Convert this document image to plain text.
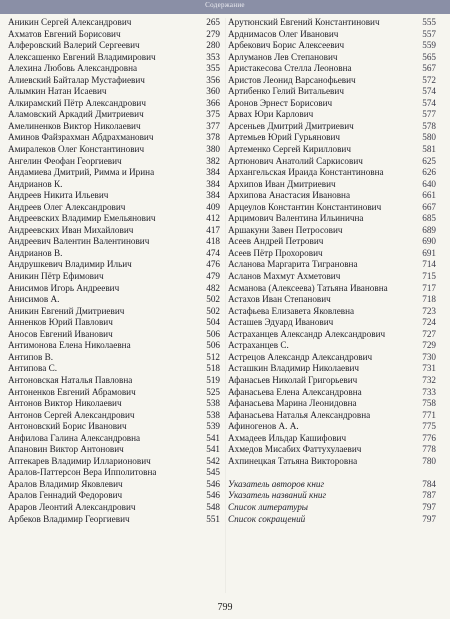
Содержание
Аникин Сергей Александрович	265
Ахматов Евгений Борисович	279
Алферовский Валерий Сергеевич	280
Алексашенко Евгений Владимирович	353
Алехина Любовь Александровна	355
Алиевский Байталар Мустафиевич	356
Алымкин Натан Исаевич	360
Алкирамский Пётр Александрович	366
Аламовский Аркадий Дмитриевич	375
Амелиненков Виктор Николаевич	377
Аминов Файзрахман Абдрахманович	378
Амиралеков Олег Константинович	380
Ангелин Феофан Георгиевич	382
Андамиева Дмитрий, Римма и Ирина	384
Андрианов К.	384
Андреев Никита Ильевич	384
Андреев Олег Александрович	409
Андреевских Владимир Емельянович	412
Андреевских Иван Михайлович	417
Андреевич Валентин Валентинович	418
Андрианов В.	474
Андрушкевич Владимир Ильич	476
Аникин Пётр Ефимович	479
Анисимов Игорь Андреевич	482
Анисимов А.	502
Аникин Евгений Дмитриевич	502
Анненков Юрий Павлович	504
Аносов Евгений Иванович	506
Антимонова Елена Николаевна	506
Антипов В.	512
Антипова С.	518
Антоновская Наталья Павловна	519
Антоненков Евгений Абрамович	525
Антонов Виктор Николаевич	538
Антонов Сергей Александрович	538
Антоновский Борис Иванович	539
Анфилова Галина Александровна	541
Апановин Виктор Антонович	541
Аптекарев Владимир Илларионович	542
Аралов-Паттерсон Вера Ипполитовна	545
Аралов Владимир Яковлевич	546
Аралов Геннадий Федорович	546
Араров Леонтий Александрович	548
Арбеков Владимир Георгиевич	551
Арутюнский Евгений Константинович	555
Арднимасов Олег Иванович	557
Арбекович Борис Алексеевич	559
Арлуманов Лев Степанович	565
Аристакесова Стелла Леоновна	567
Аристов Леонид Варсанофьевич	572
Артибенко Гелий Витальевич	574
Аронов Эрнест Борисович	574
Арвах Юри Карлович	577
Арсеньев Дмитрий Дмитриевич	578
Артемьев Юрий Гурьянович	580
Артеменко Сергей Кириллович	581
Артюнович Анатолий Саркисович	625
Архангельская Ираида Константиновна	626
Архипов Иван Дмитриевич	640
Архипова Анастасия Ивановна	661
Арцеулов Константин Константинович	667
Арцимович Валентина Ильинична	685
Аршакуни Завен Петросович	689
Асеев Андрей Петрович	690
Асеев Пётр Прохорович	691
Асланова Маргарита Тиграновна	714
Асланов Махмут Ахметович	715
Асманова (Алексеева) Татьяна Ивановна	717
Астахов Иван Степанович	718
Астафьева Елизавета Яковлевна	723
Асташев Эдуард Иванович	724
Астраханцев Александр Александрович	727
Астраханцев С.	729
Астрецов Александр Александрович	730
Асташкин Владимир Николаевич	731
Афанасьев Николай Григорьевич	732
Афанасьева Елена Александровна	733
Афанасьева Марина Леонидовна	758
Афанасьева Наталья Александровна	771
Афиногенов А. А.	775
Ахмадеев Ильдар Кашифович	776
Ахмедов Мисабих Фаттухулаевич	778
Ахпинецкая Татьяна Викторовна	780
Указатель авторов книг	784
Указатель названий книг	787
Список литературы	797
Список сокращений	797
799
